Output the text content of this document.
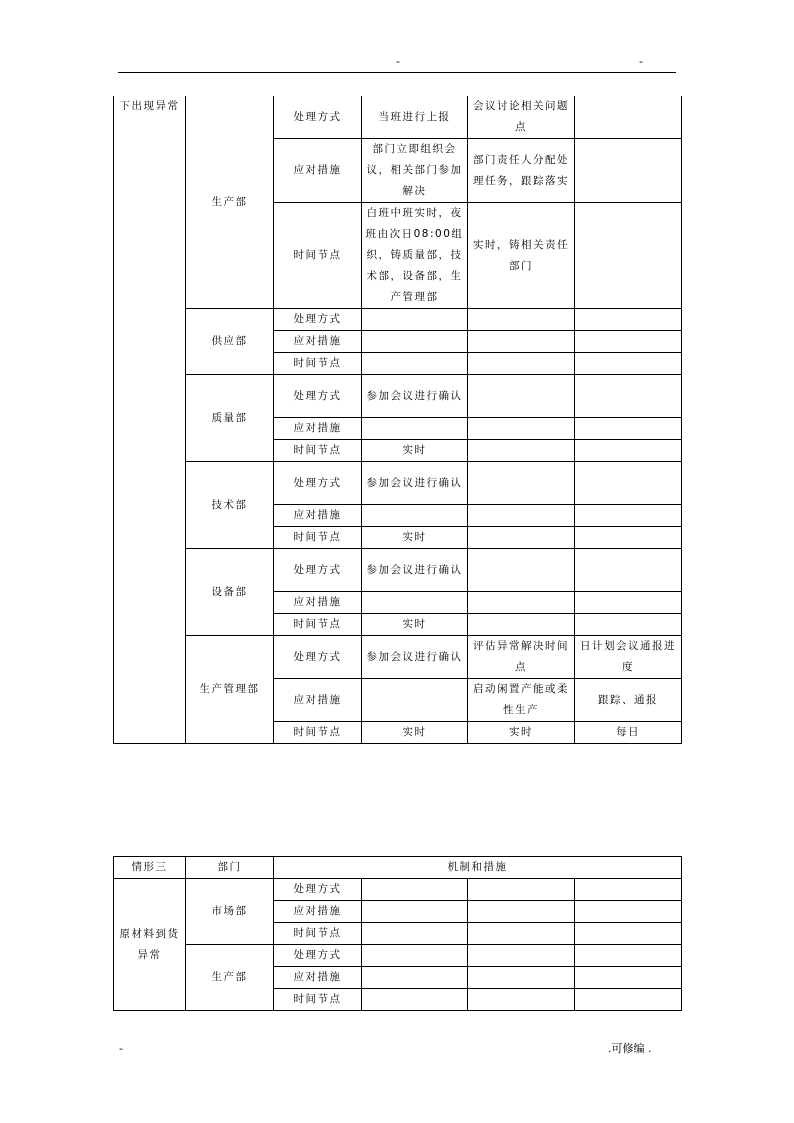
-	-
下出现异常	生产部	处理方式	当班进行上报	会议讨论相关问题点	
		应对措施	部门立即组织会议，相关部门参加解决	部门责任人分配处理任务，跟踪落实	
		时间节点	白班中班实时，夜班由次日08:00组织，铸质量部，技术部，设备部，生产管理部	实时，铸相关责任部门	
	供应部	处理方式			
		应对措施			
		时间节点			
	质量部	处理方式	参加会议进行确认		
		应对措施			
		时间节点	实时		
	技术部	处理方式	参加会议进行确认		
		应对措施			
		时间节点	实时		
	设备部	处理方式	参加会议进行确认		
		应对措施			
		时间节点	实时		
	生产管理部	处理方式	参加会议进行确认	评估异常解决时间点	日计划会议通报进度
		应对措施		启动闲置产能或柔性生产	跟踪、通报
		时间节点	实时	实时	每日
情形三	部门	机制和措施			
原材料到货异常	市场部	处理方式			
		应对措施			
		时间节点			
	生产部	处理方式			
		应对措施			
		时间节点			
-	.可修编 .
